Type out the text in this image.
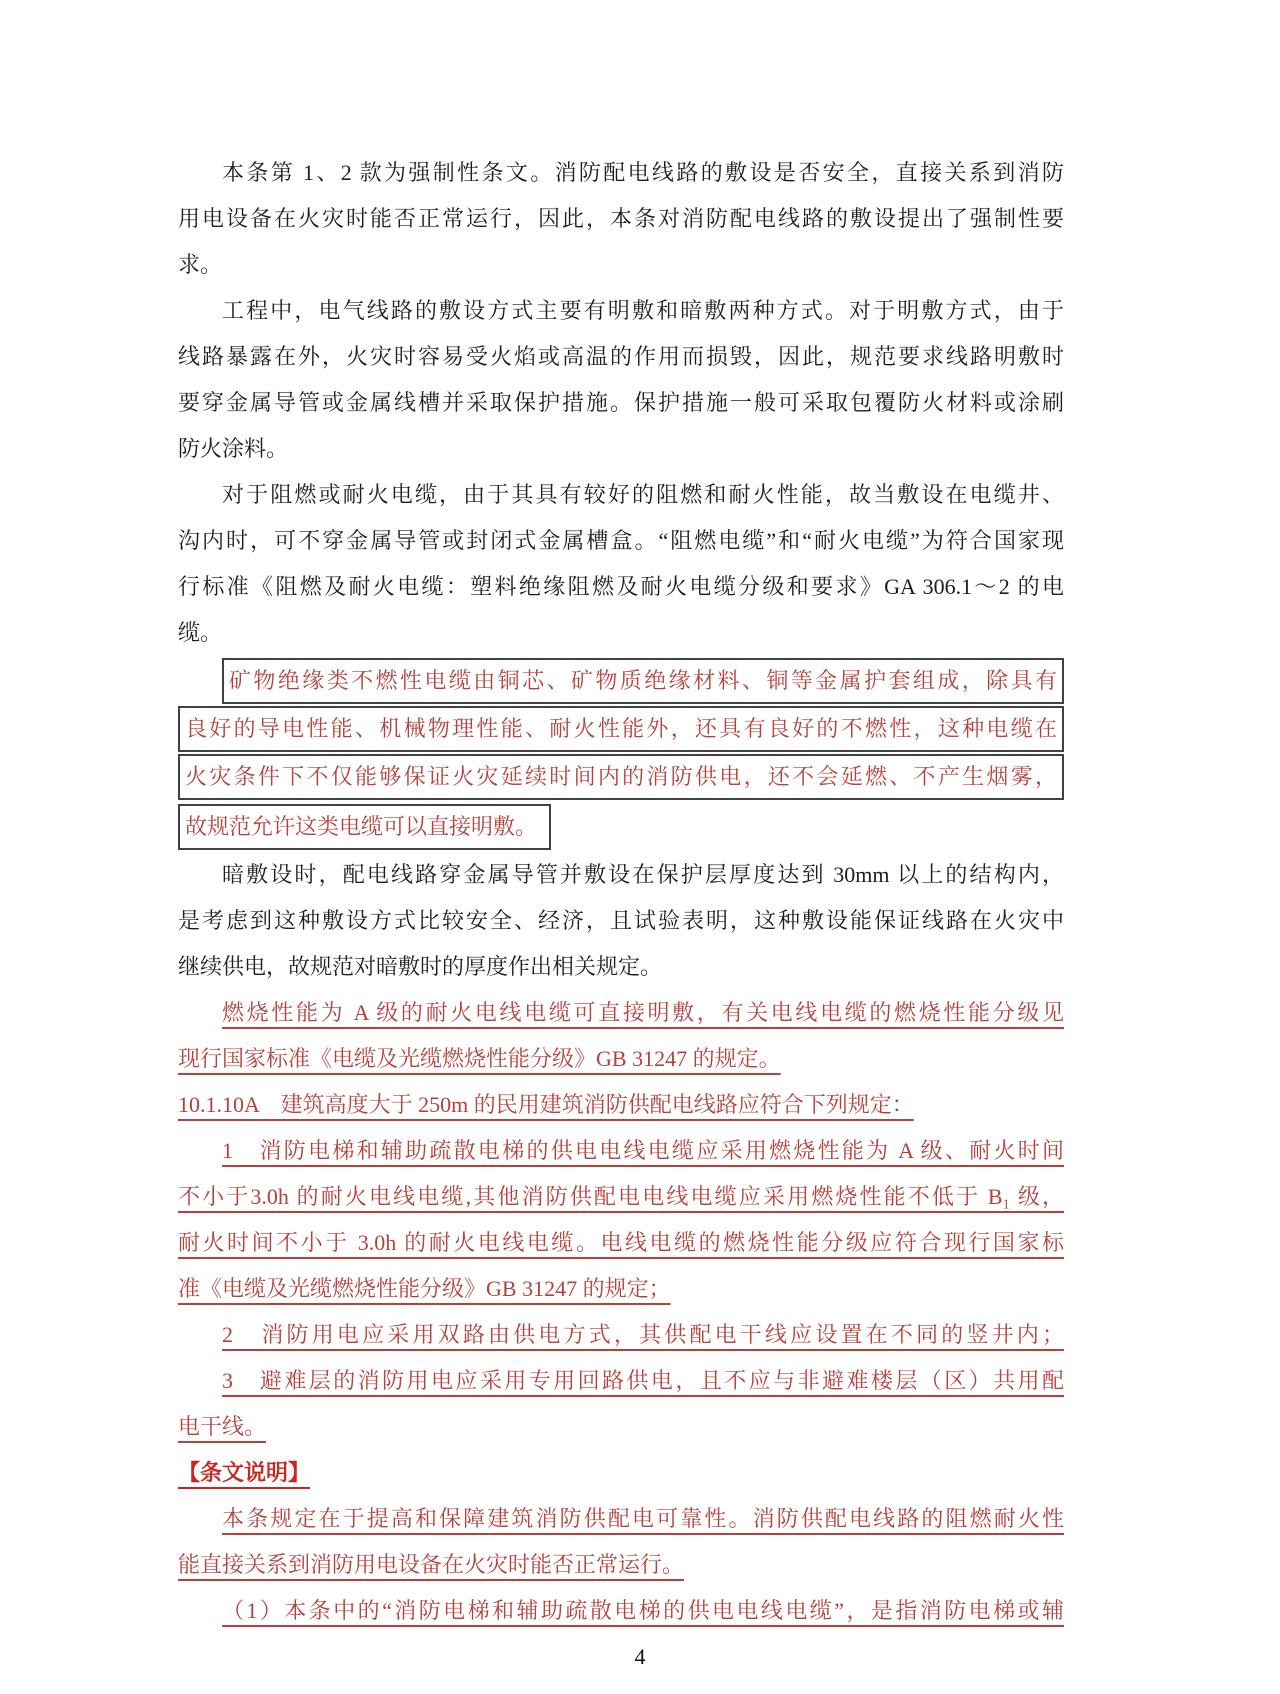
本条第 1、2 款为强制性条文。消防配电线路的敷设是否安全，直接关系到消防
用电设备在火灾时能否正常运行，因此，本条对消防配电线路的敷设提出了强制性要
求。
工程中，电气线路的敷设方式主要有明敷和暗敷两种方式。对于明敷方式，由于
线路暴露在外，火灾时容易受火焰或高温的作用而损毁，因此，规范要求线路明敷时
要穿金属导管或金属线槽并采取保护措施。保护措施一般可采取包覆防火材料或涂刷
防火涂料。
对于阻燃或耐火电缆，由于其具有较好的阻燃和耐火性能，故当敷设在电缆井、
沟内时，可不穿金属导管或封闭式金属槽盒。“阻燃电缆”和“耐火电缆”为符合国家现
行标准《阻燃及耐火电缆：塑料绝缘阻燃及耐火电缆分级和要求》GA 306.1～2 的电
缆。
矿物绝缘类不燃性电缆由铜芯、矿物质绝缘材料、铜等金属护套组成，除具有
良好的导电性能、机械物理性能、耐火性能外，还具有良好的不燃性，这种电缆在
火灾条件下不仅能够保证火灾延续时间内的消防供电，还不会延燃、不产生烟雾，
故规范允许这类电缆可以直接明敷。
暗敷设时，配电线路穿金属导管并敷设在保护层厚度达到 30mm 以上的结构内，
是考虑到这种敷设方式比较安全、经济，且试验表明，这种敷设能保证线路在火灾中
继续供电，故规范对暗敷时的厚度作出相关规定。
燃烧性能为 A 级的耐火电线电缆可直接明敷，有关电线电缆的燃烧性能分级见
现行国家标准《电缆及光缆燃烧性能分级》GB 31247 的规定。
10.1.10A　建筑高度大于 250m 的民用建筑消防供配电线路应符合下列规定：
1　消防电梯和辅助疏散电梯的供电电线电缆应采用燃烧性能为 A 级、耐火时间
不小于3.0h 的耐火电线电缆,其他消防供配电电线电缆应采用燃烧性能不低于 B₁ 级，
耐火时间不小于 3.0h 的耐火电线电缆。电线电缆的燃烧性能分级应符合现行国家标
准《电缆及光缆燃烧性能分级》GB 31247 的规定；
2　消防用电应采用双路由供电方式，其供配电干线应设置在不同的竖井内；
3　避难层的消防用电应采用专用回路供电，且不应与非避难楼层（区）共用配
电干线。
【条文说明】
本条规定在于提高和保障建筑消防供配电可靠性。消防供配电线路的阻燃耐火性
能直接关系到消防用电设备在火灾时能否正常运行。
（1）本条中的“消防电梯和辅助疏散电梯的供电电线电缆”，是指消防电梯或辅
4
